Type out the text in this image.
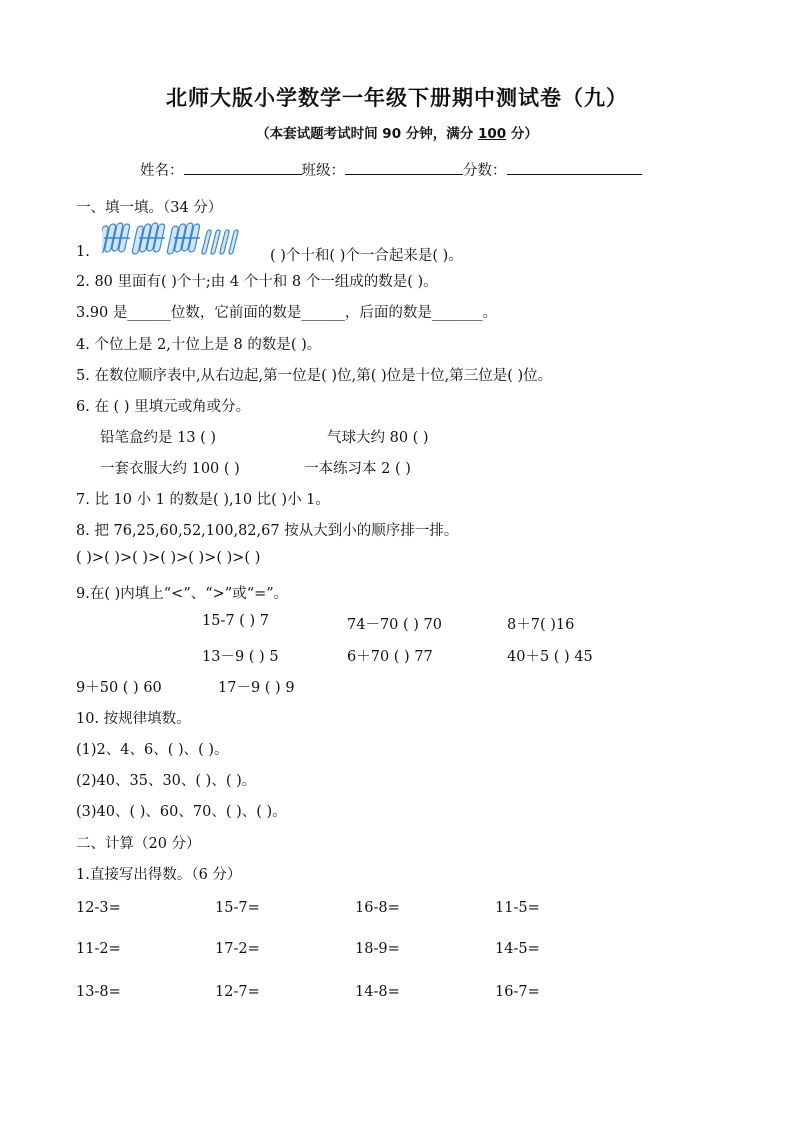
北师大版小学数学一年级下册期中测试卷（九）

（本套试题考试时间 90 分钟，满分 100 分）

姓名：	班级：	分数：

一、填一填。（34 分）

1.	( )个十和( )个一合起来是( )。

2. 80 里面有( )个十;由 4 个十和 8 个一组成的数是( )。

3.90 是______位数，它前面的数是______，后面的数是_______。

4. 个位上是 2,十位上是 8 的数是( )。

5. 在数位顺序表中,从右边起,第一位是( )位,第( )位是十位,第三位是( )位。

6. 在 ( ) 里填元或角或分。

铅笔盒约是 13 ( )	气球大约 80 ( )

一套衣服大约 100 ( )	一本练习本 2 ( )

7. 比 10 小 1 的数是( ),10 比( )小 1。

8. 把 76,25,60,52,100,82,67 按从大到小的顺序排一排。

( )>( )>( )>( )>( )>( )>( )

9.在( )内填上“<”、“>”或“=”。

15-7 ( ) 7	74－70 ( ) 70	8＋7( )16

13－9 ( ) 5	6＋70 ( ) 77	40＋5 ( ) 45

9＋50 ( ) 60	17－9 ( ) 9

10. 按规律填数。

(1)2、4、6、( )、( )。

(2)40、35、30、( )、( )。

(3)40、( )、60、70、( )、( )。

二、计算（20 分）

1.直接写出得数。（6 分）

12-3=	15-7=	16-8=	11-5=

11-2=	17-2=	18-9=	14-5=

13-8=	12-7=	14-8=	16-7=
